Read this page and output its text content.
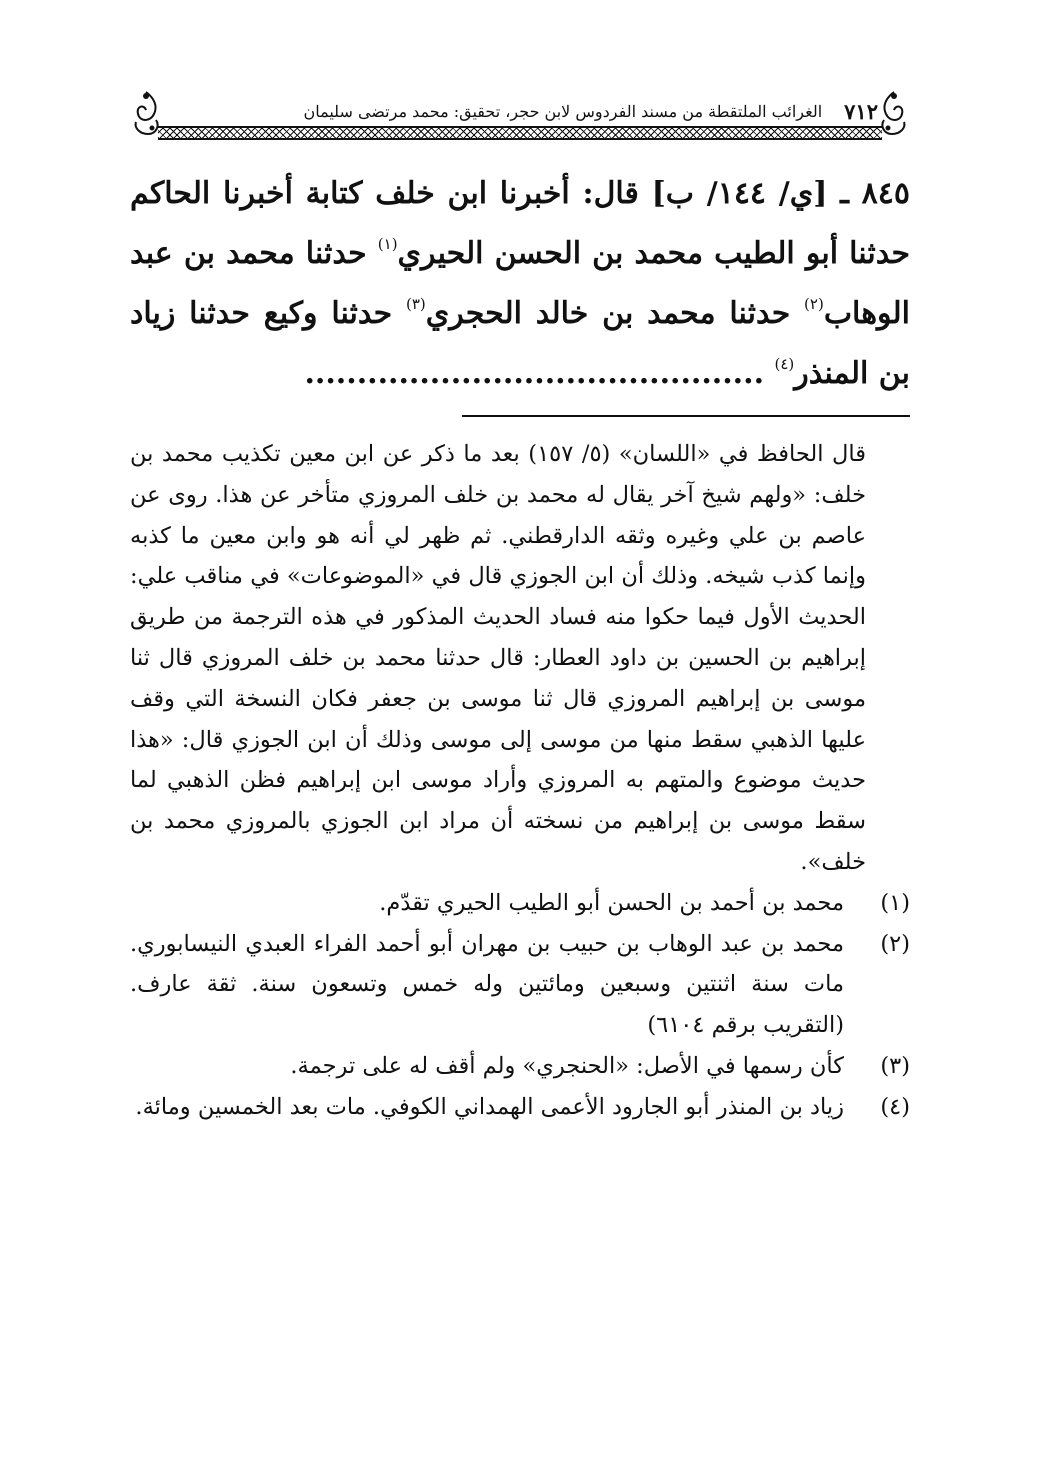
٧١٢
الغرائب الملتقطة من مسند الفردوس لابن حجر، تحقيق: محمد مرتضى سليمان

٨٤٥ ـ [ي/ ١٤٤/ ب] قال: أخبرنا ابن خلف كتابة أخبرنا الحاكم حدثنا أبو الطيب محمد بن الحسن الحيري$^{(١)}$ حدثنا محمد بن عبد الوهاب$^{(٢)}$ حدثنا محمد بن خالد الحجري$^{(٣)}$ حدثنا وكيع حدثنا زياد بن المنذر$^{(٤)}$ ............................................

قال الحافظ في «اللسان» (٥/ ١٥٧) بعد ما ذكر عن ابن معين تكذيب محمد بن خلف: «ولهم شيخ آخر يقال له محمد بن خلف المروزي متأخر عن هذا. روى عن عاصم بن علي وغيره وثقه الدارقطني. ثم ظهر لي أنه هو وابن معين ما كذبه وإنما كذب شيخه. وذلك أن ابن الجوزي قال في «الموضوعات» في مناقب علي: الحديث الأول فيما حكوا منه فساد الحديث المذكور في هذه الترجمة من طريق إبراهيم بن الحسين بن داود العطار: قال حدثنا محمد بن خلف المروزي قال ثنا موسى بن إبراهيم المروزي قال ثنا موسى بن جعفر فكان النسخة التي وقف عليها الذهبي سقط منها من موسى إلى موسى وذلك أن ابن الجوزي قال: «هذا حديث موضوع والمتهم به المروزي وأراد موسى ابن إبراهيم فظن الذهبي لما سقط موسى بن إبراهيم من نسخته أن مراد ابن الجوزي بالمروزي محمد بن خلف».

(١)
محمد بن أحمد بن الحسن أبو الطيب الحيري تقدّم.
(٢)
محمد بن عبد الوهاب بن حبيب بن مهران أبو أحمد الفراء العبدي النيسابوري. مات سنة اثنتين وسبعين ومائتين وله خمس وتسعون سنة. ثقة عارف. (التقريب برقم ٦١٠٤)
(٣)
كأن رسمها في الأصل: «الحنجري» ولم أقف له على ترجمة.
(٤)
زياد بن المنذر أبو الجارود الأعمى الهمداني الكوفي. مات بعد الخمسين ومائة.
